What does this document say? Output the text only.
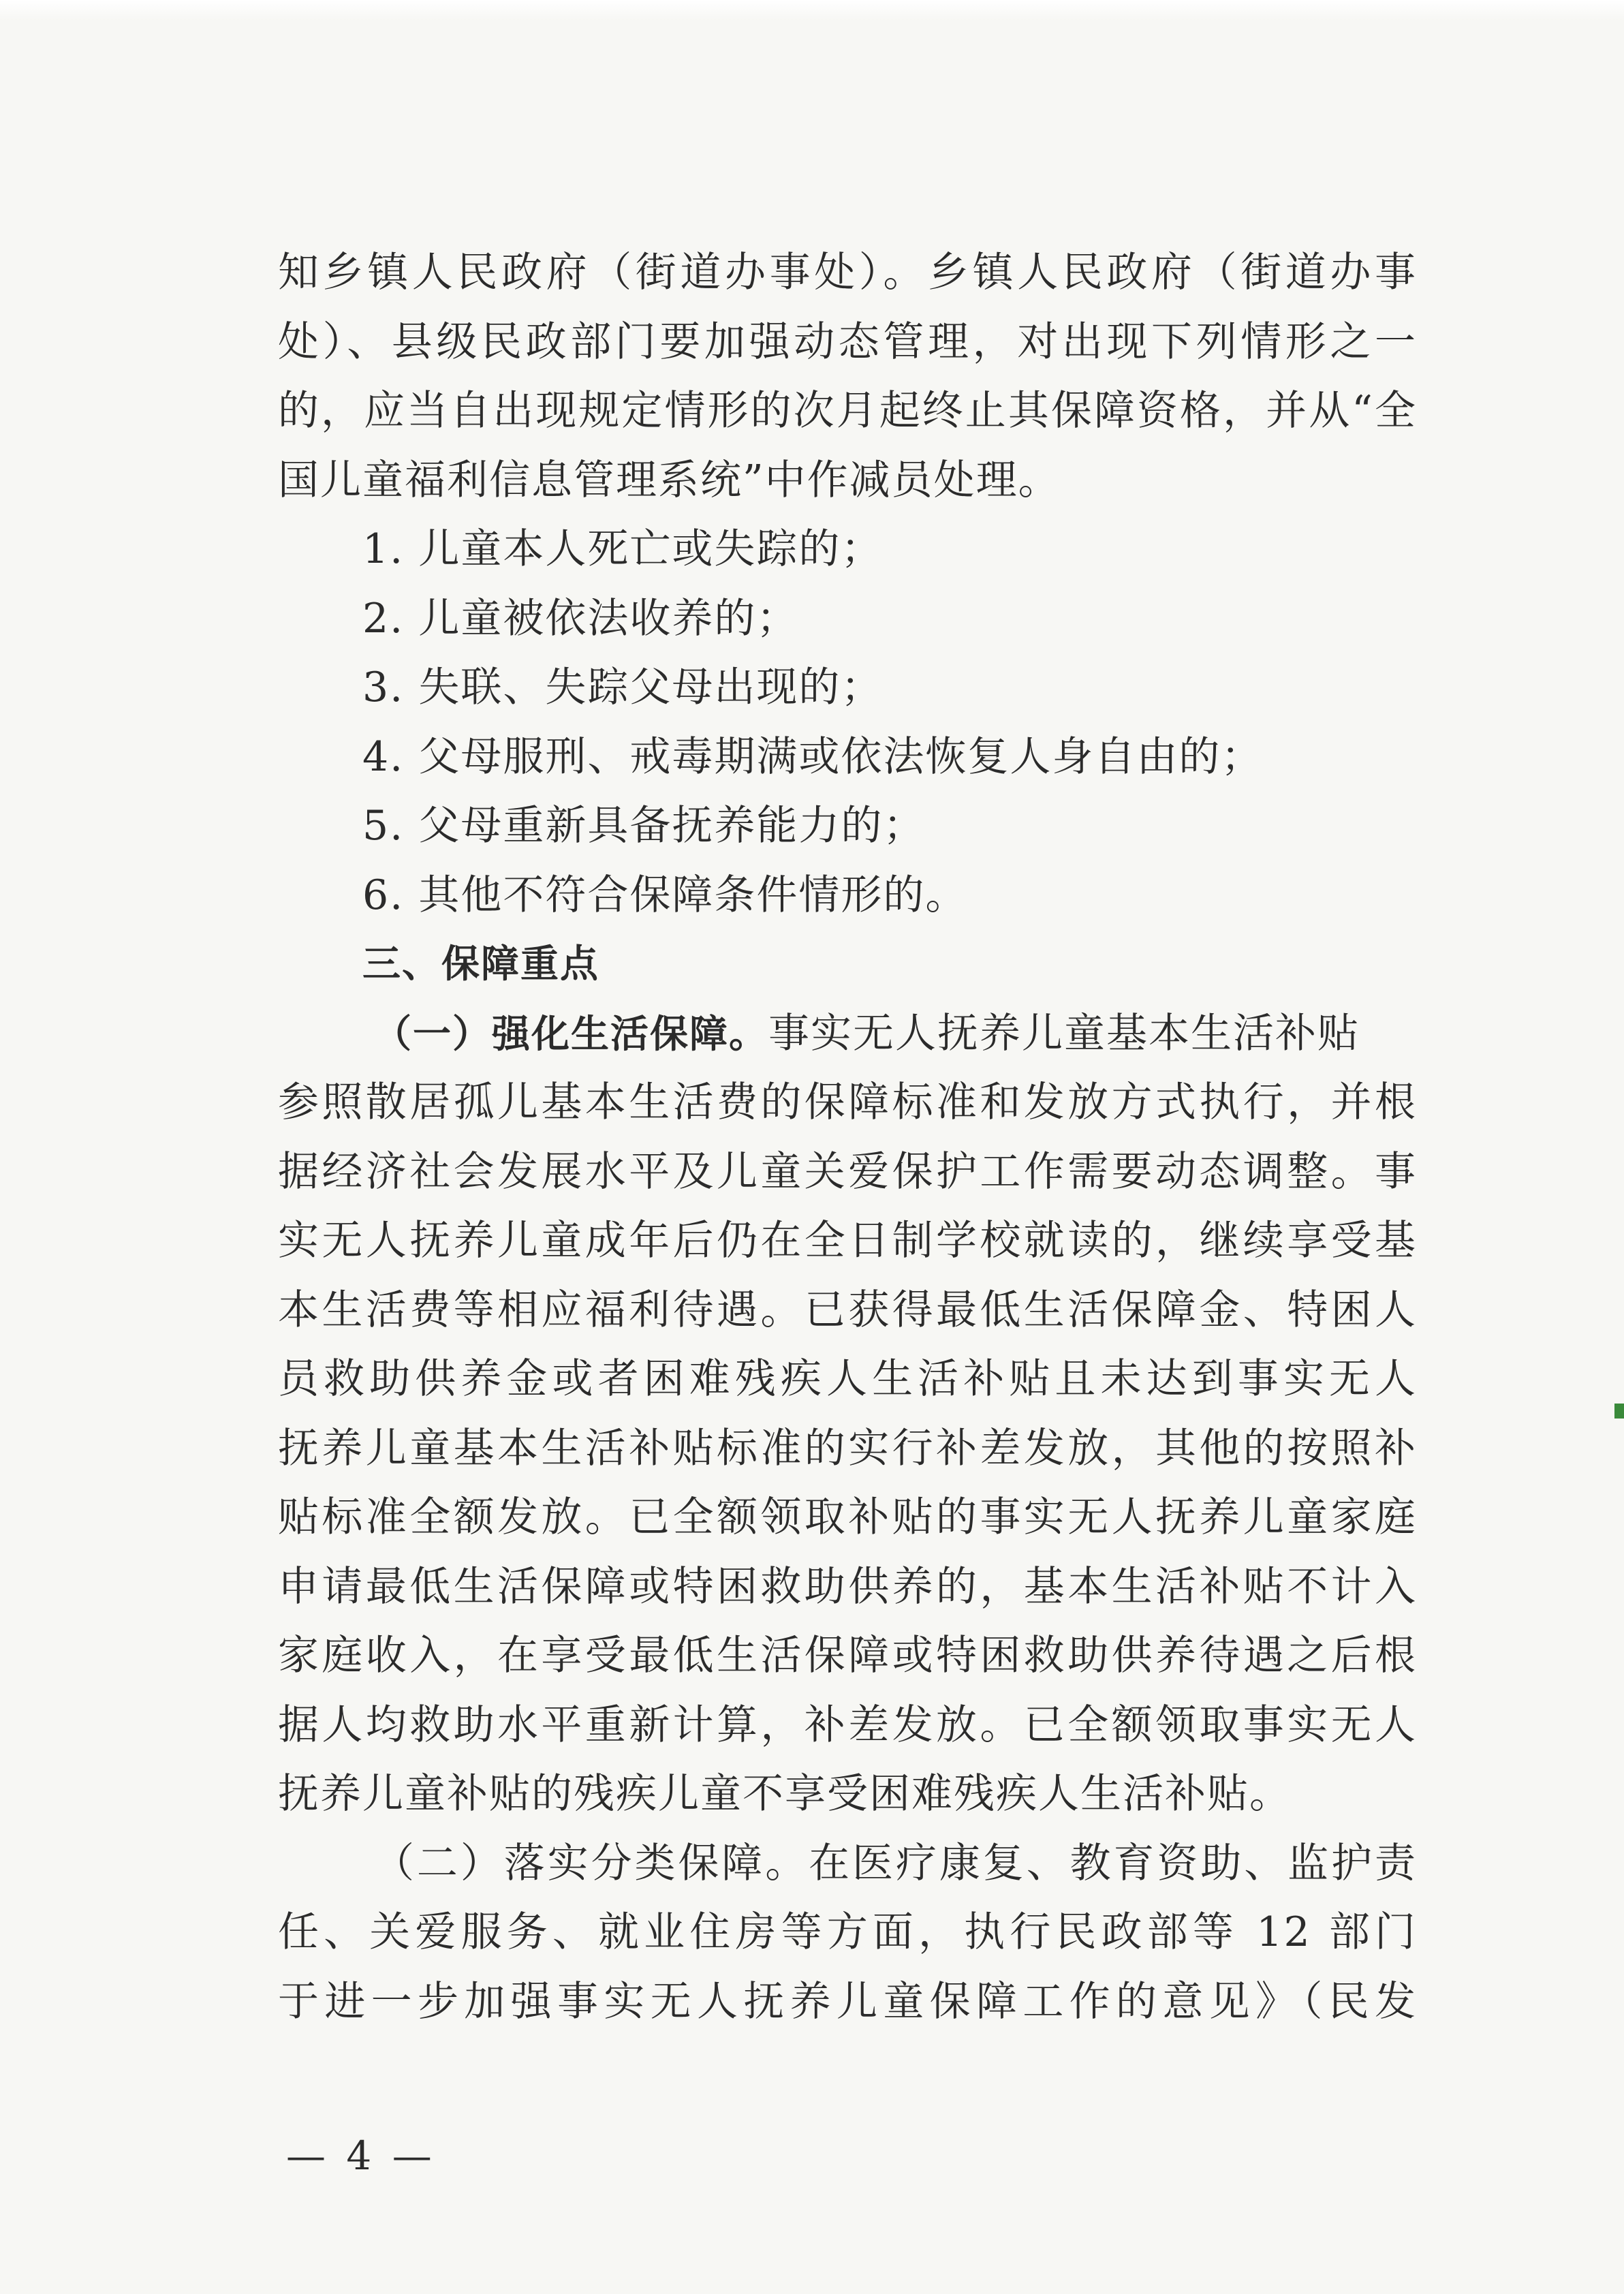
知乡镇人民政府（街道办事处）。乡镇人民政府（街道办事
处）、县级民政部门要加强动态管理，对出现下列情形之一
的，应当自出现规定情形的次月起终止其保障资格，并从“全
国儿童福利信息管理系统”中作减员处理。
1. 儿童本人死亡或失踪的；
2. 儿童被依法收养的；
3. 失联、失踪父母出现的；
4. 父母服刑、戒毒期满或依法恢复人身自由的；
5. 父母重新具备抚养能力的；
6. 其他不符合保障条件情形的。
三、保障重点
（一）强化生活保障。事实无人抚养儿童基本生活补贴
参照散居孤儿基本生活费的保障标准和发放方式执行，并根
据经济社会发展水平及儿童关爱保护工作需要动态调整。事
实无人抚养儿童成年后仍在全日制学校就读的，继续享受基
本生活费等相应福利待遇。已获得最低生活保障金、特困人
员救助供养金或者困难残疾人生活补贴且未达到事实无人
抚养儿童基本生活补贴标准的实行补差发放，其他的按照补
贴标准全额发放。已全额领取补贴的事实无人抚养儿童家庭
申请最低生活保障或特困救助供养的，基本生活补贴不计入
家庭收入，在享受最低生活保障或特困救助供养待遇之后根
据人均救助水平重新计算，补差发放。已全额领取事实无人
抚养儿童补贴的残疾儿童不享受困难残疾人生活补贴。
（二）落实分类保障。在医疗康复、教育资助、监护责
任、关爱服务、就业住房等方面，执行民政部等 12 部门
于进一步加强事实无人抚养儿童保障工作的意见》（民发
— 4 —
